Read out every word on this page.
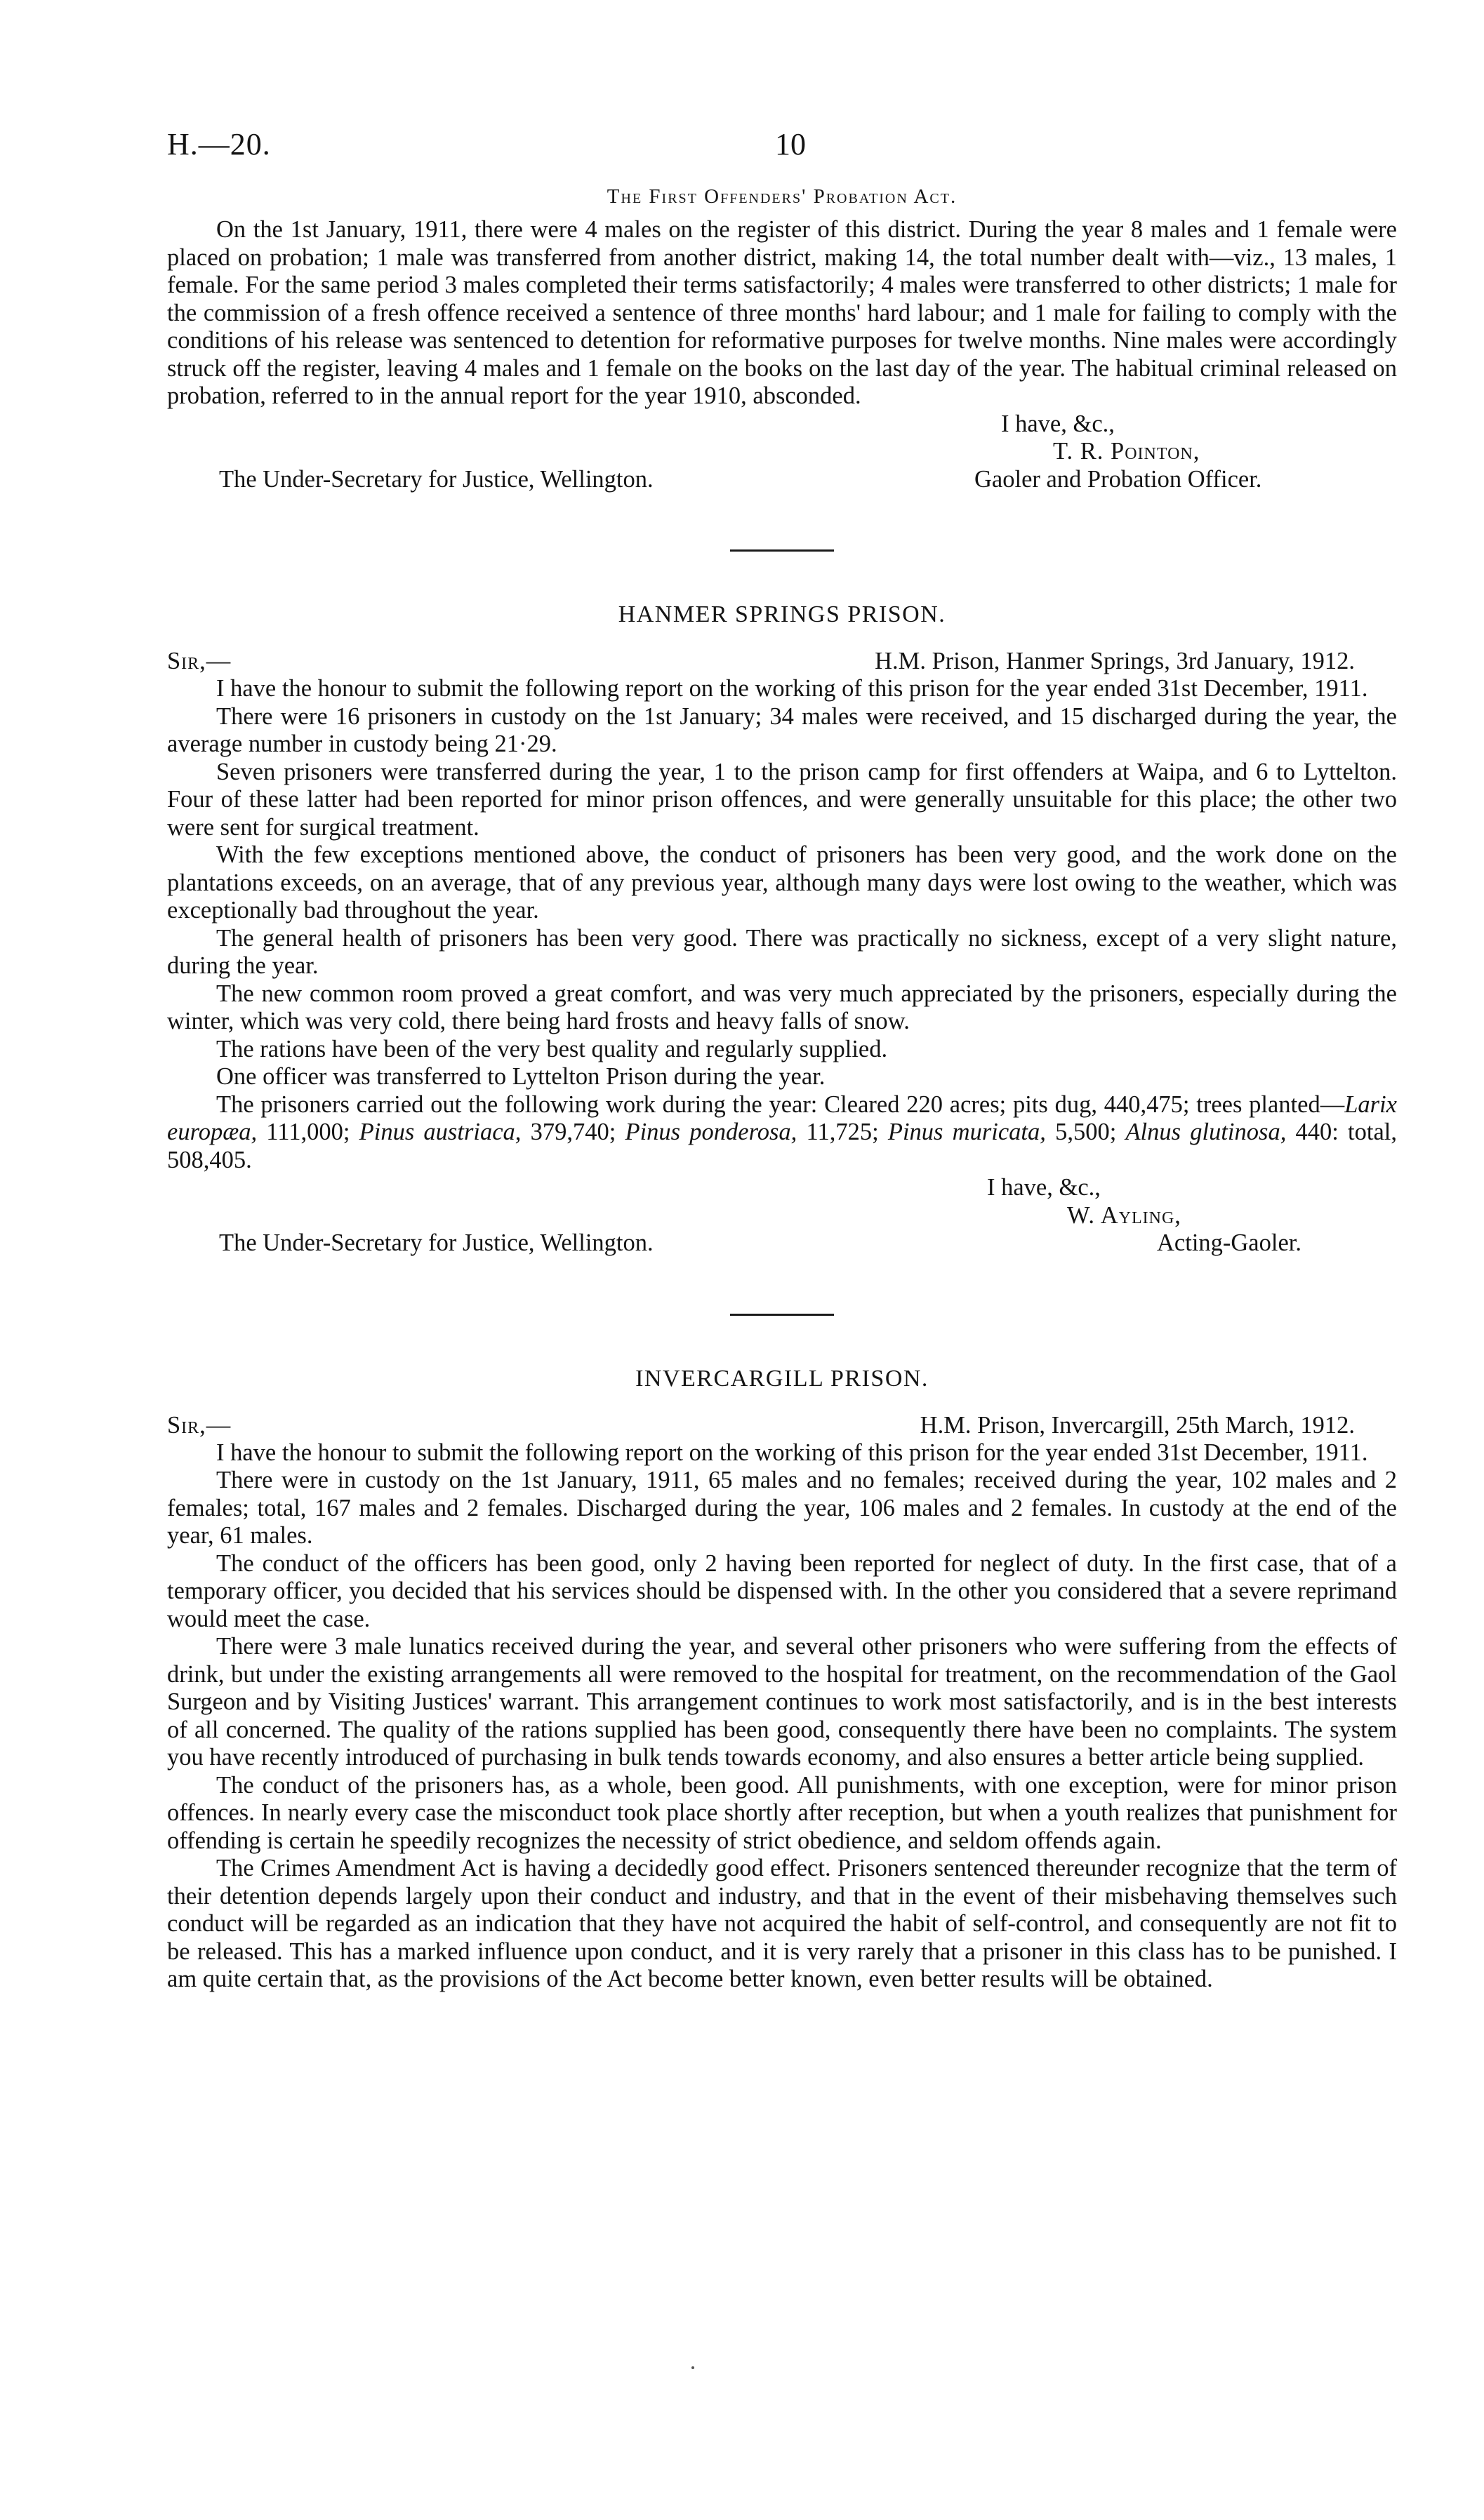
H.—20.	10
The First Offenders' Probation Act.

On the 1st January, 1911, there were 4 males on the register of this district. During the year 8 males and 1 female were placed on probation; 1 male was transferred from another district, making 14, the total number dealt with—viz., 13 males, 1 female. For the same period 3 males completed their terms satisfactorily; 4 males were transferred to other districts; 1 male for the commission of a fresh offence received a sentence of three months' hard labour; and 1 male for failing to comply with the conditions of his release was sentenced to detention for reformative purposes for twelve months. Nine males were accordingly struck off the register, leaving 4 males and 1 female on the books on the last day of the year. The habitual criminal released on probation, referred to in the annual report for the year 1910, absconded.

I have, &c.,
T. R. Pointon,
The Under-Secretary for Justice, Wellington.	Gaoler and Probation Officer.
HANMER SPRINGS PRISON.
Sir,—	H.M. Prison, Hanmer Springs, 3rd January, 1912.

I have the honour to submit the following report on the working of this prison for the year ended 31st December, 1911.

There were 16 prisoners in custody on the 1st January; 34 males were received, and 15 discharged during the year, the average number in custody being 21·29.

Seven prisoners were transferred during the year, 1 to the prison camp for first offenders at Waipa, and 6 to Lyttelton. Four of these latter had been reported for minor prison offences, and were generally unsuitable for this place; the other two were sent for surgical treatment.

With the few exceptions mentioned above, the conduct of prisoners has been very good, and the work done on the plantations exceeds, on an average, that of any previous year, although many days were lost owing to the weather, which was exceptionally bad throughout the year.

The general health of prisoners has been very good. There was practically no sickness, except of a very slight nature, during the year.

The new common room proved a great comfort, and was very much appreciated by the prisoners, especially during the winter, which was very cold, there being hard frosts and heavy falls of snow.

The rations have been of the very best quality and regularly supplied.

One officer was transferred to Lyttelton Prison during the year.

The prisoners carried out the following work during the year: Cleared 220 acres; pits dug, 440,475; trees planted—Larix europæa, 111,000; Pinus austriaca, 379,740; Pinus ponderosa, 11,725; Pinus muricata, 5,500; Alnus glutinosa, 440: total, 508,405.

I have, &c.,
W. Ayling,
The Under-Secretary for Justice, Wellington.	Acting-Gaoler.
INVERCARGILL PRISON.
Sir,—	H.M. Prison, Invercargill, 25th March, 1912.

I have the honour to submit the following report on the working of this prison for the year ended 31st December, 1911.

There were in custody on the 1st January, 1911, 65 males and no females; received during the year, 102 males and 2 females; total, 167 males and 2 females. Discharged during the year, 106 males and 2 females. In custody at the end of the year, 61 males.

The conduct of the officers has been good, only 2 having been reported for neglect of duty. In the first case, that of a temporary officer, you decided that his services should be dispensed with. In the other you considered that a severe reprimand would meet the case.

There were 3 male lunatics received during the year, and several other prisoners who were suffering from the effects of drink, but under the existing arrangements all were removed to the hospital for treatment, on the recommendation of the Gaol Surgeon and by Visiting Justices' warrant. This arrangement continues to work most satisfactorily, and is in the best interests of all concerned. The quality of the rations supplied has been good, consequently there have been no complaints. The system you have recently introduced of purchasing in bulk tends towards economy, and also ensures a better article being supplied.

The conduct of the prisoners has, as a whole, been good. All punishments, with one exception, were for minor prison offences. In nearly every case the misconduct took place shortly after reception, but when a youth realizes that punishment for offending is certain he speedily recognizes the necessity of strict obedience, and seldom offends again.

The Crimes Amendment Act is having a decidedly good effect. Prisoners sentenced thereunder recognize that the term of their detention depends largely upon their conduct and industry, and that in the event of their misbehaving themselves such conduct will be regarded as an indication that they have not acquired the habit of self-control, and consequently are not fit to be released. This has a marked influence upon conduct, and it is very rarely that a prisoner in this class has to be punished. I am quite certain that, as the provisions of the Act become better known, even better results will be obtained.
